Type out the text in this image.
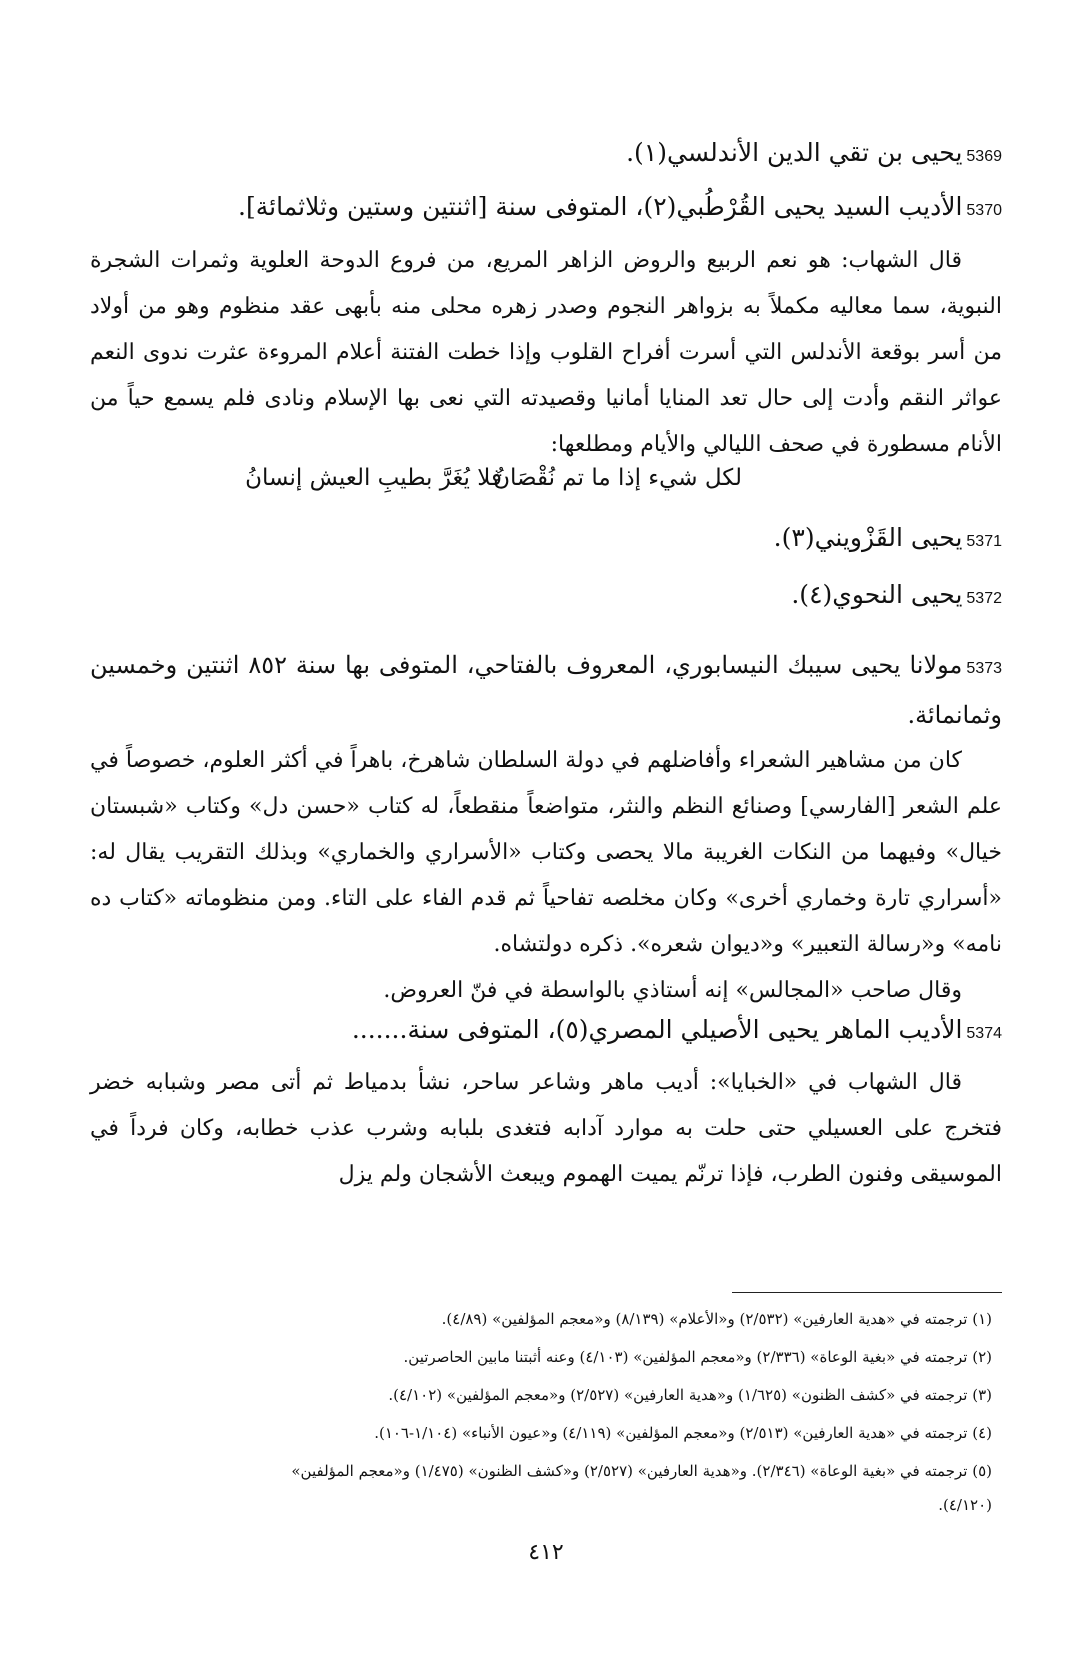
5369يحيى بن تقي الدين الأندلسي(١).
5370الأديب السيد يحيى القُرْطُبي(٢)، المتوفى سنة [اثنتين وستين وثلاثمائة].
قال الشهاب: هو نعم الربيع والروض الزاهر المريع، من فروع الدوحة العلوية وثمرات الشجرة النبوية، سما معاليه مكملاً به بزواهر النجوم وصدر زهره محلى منه بأبهى عقد منظوم وهو من أولاد من أسر بوقعة الأندلس التي أسرت أفراح القلوب وإذا خطت الفتنة أعلام المروءة عثرت ندوى النعم عواثر النقم وأدت إلى حال تعد المنايا أمانيا وقصيدته التي نعى بها الإسلام ونادى فلم يسمع حياً من الأنام مسطورة في صحف الليالي والأيام ومطلعها:
لكل شيء إذا ما تم نُقْصَانُ
فلا يُغَرَّ بطيبِ العيش إنسانُ
5371يحيى القَزْويني(٣).
5372يحيى النحوي(٤).
5373مولانا يحيى سيبك النيسابوري، المعروف بالفتاحي، المتوفى بها سنة ٨٥٢ اثنتين وخمسين وثمانمائة.
كان من مشاهير الشعراء وأفاضلهم في دولة السلطان شاهرخ، باهراً في أكثر العلوم، خصوصاً في علم الشعر [الفارسي] وصنائع النظم والنثر، متواضعاً منقطعاً، له كتاب «حسن دل» وكتاب «شبستان خيال» وفيهما من النكات الغريبة مالا يحصى وكتاب «الأسراري والخماري» وبذلك التقريب يقال له: «أسراري تارة وخماري أخرى» وكان مخلصه تفاحياً ثم قدم الفاء على التاء. ومن منظوماته «كتاب ده نامه» و«رسالة التعبير» و«ديوان شعره». ذكره دولتشاه.
وقال صاحب «المجالس» إنه أستاذي بالواسطة في فنّ العروض.
5374الأديب الماهر يحيى الأصيلي المصري(٥)، المتوفى سنة.......
قال الشهاب في «الخبايا»: أديب ماهر وشاعر ساحر، نشأ بدمياط ثم أتى مصر وشبابه خضر فتخرج على العسيلي حتى حلت به موارد آدابه فتغدى بلبابه وشرب عذب خطابه، وكان فرداً في الموسيقى وفنون الطرب، فإذا ترنّم يميت الهموم ويبعث الأشجان ولم يزل
(١) ترجمته في «هدية العارفين» (٢/٥٣٢) و«الأعلام» (٨/١٣٩) و«معجم المؤلفين» (٤/٨٩).
(٢) ترجمته في «بغية الوعاة» (٢/٣٣٦) و«معجم المؤلفين» (٤/١٠٣) وعنه أثبتنا مابين الحاصرتين.
(٣) ترجمته في «كشف الظنون» (١/٦٢٥) و«هدية العارفين» (٢/٥٢٧) و«معجم المؤلفين» (٤/١٠٢).
(٤) ترجمته في «هدية العارفين» (٢/٥١٣) و«معجم المؤلفين» (٤/١١٩) و«عيون الأنباء» (١/١٠٤-١٠٦).
(٥) ترجمته في «بغية الوعاة» (٢/٣٤٦). و«هدية العارفين» (٢/٥٢٧) و«كشف الظنون» (١/٤٧٥) و«معجم المؤلفين»
(٤/١٢٠).
٤١٢
